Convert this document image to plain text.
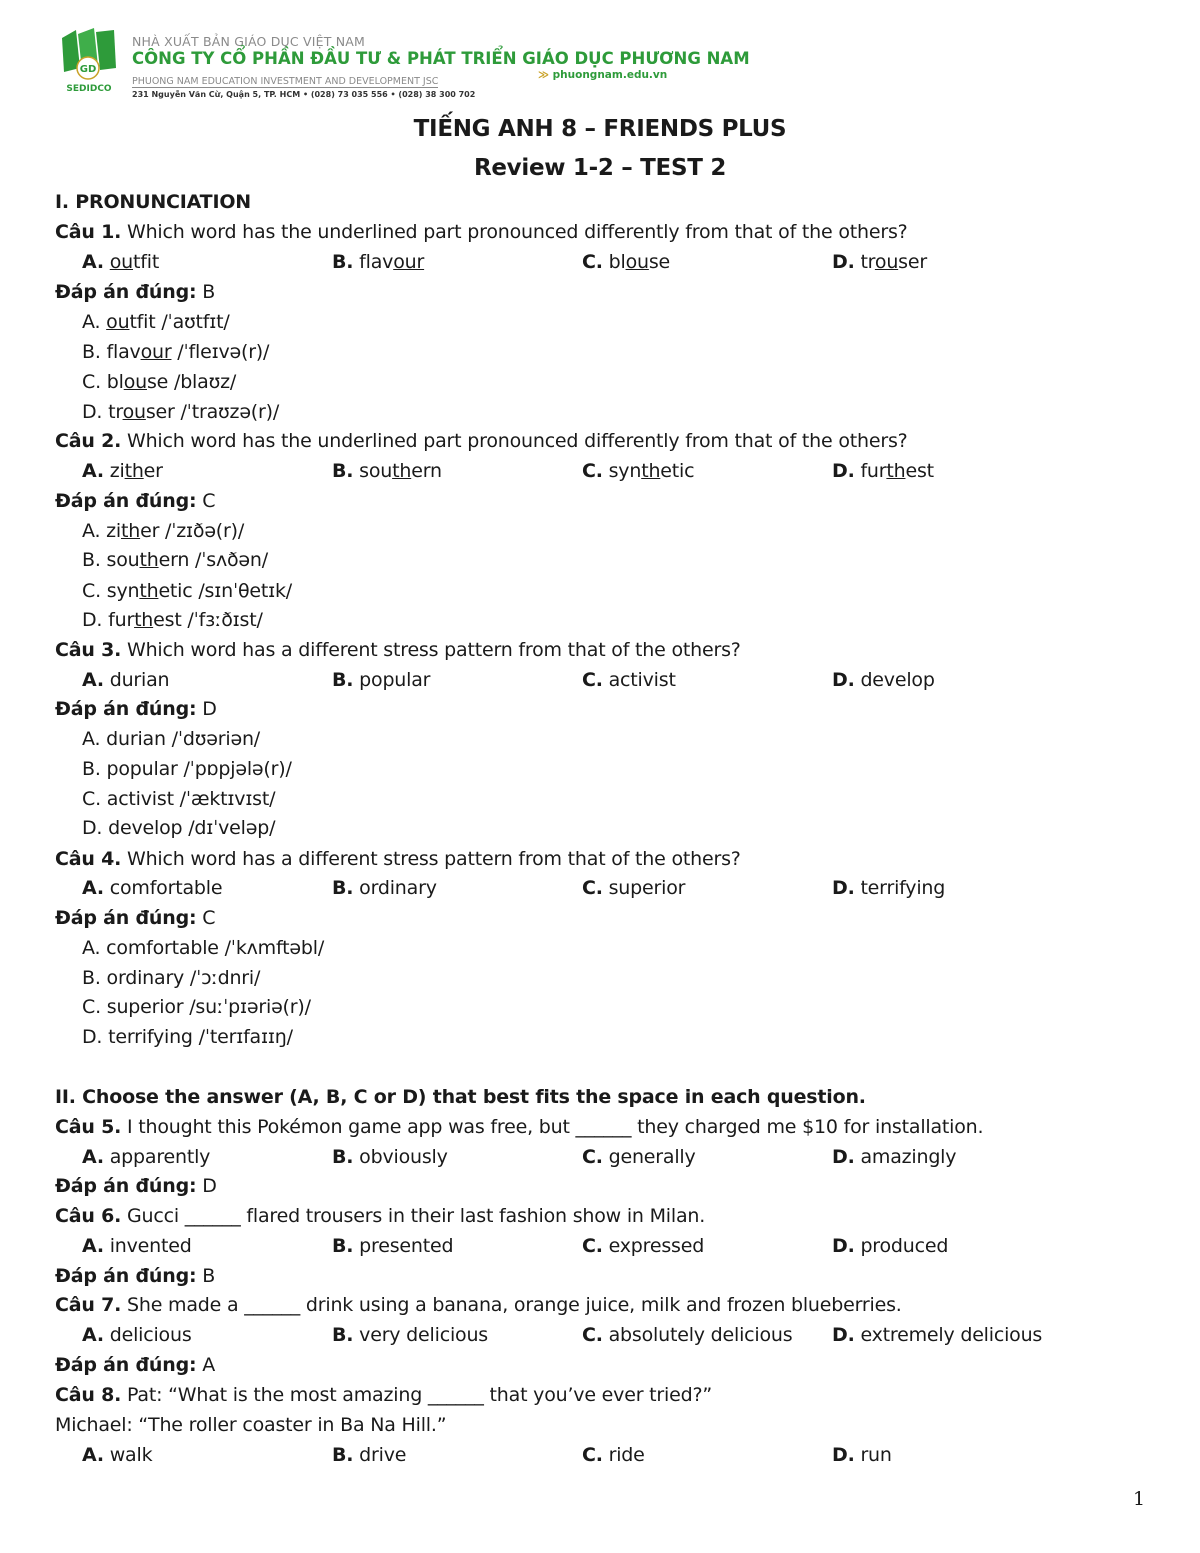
GD
SEDIDCO
NHÀ XUẤT BẢN GIÁO DỤC VIỆT NAM
CÔNG TY CỔ PHẦN ĐẦU TƯ & PHÁT TRIỂN GIÁO DỤC PHƯƠNG NAM
PHUONG NAM EDUCATION INVESTMENT AND DEVELOPMENT JSC
231 Nguyễn Văn Cừ, Quận 5, TP. HCM • (028) 73 035 556 • (028) 38 300 702
≫ phuongnam.edu.vn
TIẾNG ANH 8 – FRIENDS PLUS
Review 1-2 – TEST 2
I. PRONUNCIATION
Câu 1. Which word has the underlined part pronounced differently from that of the others?
A. outfit	B. flavour	C. blouse	D. trouser
Đáp án đúng: B
A. outfit /ˈaʊtfɪt/
B. flavour /ˈfleɪvə(r)/
C. blouse /blaʊz/
D. trouser /ˈtraʊzə(r)/
Câu 2. Which word has the underlined part pronounced differently from that of the others?
A. zither	B. southern	C. synthetic	D. furthest
Đáp án đúng: C
A. zither /ˈzɪðə(r)/
B. southern /ˈsʌðən/
C. synthetic /sɪnˈθetɪk/
D. furthest /ˈfɜːðɪst/
Câu 3. Which word has a different stress pattern from that of the others?
A. durian	B. popular	C. activist	D. develop
Đáp án đúng: D
A. durian /ˈdʊəriən/
B. popular /ˈpɒpjələ(r)/
C. activist /ˈæktɪvɪst/
D. develop /dɪˈveləp/
Câu 4. Which word has a different stress pattern from that of the others?
A. comfortable	B. ordinary	C. superior	D. terrifying
Đáp án đúng: C
A. comfortable /ˈkʌmftəbl/
B. ordinary /ˈɔːdnri/
C. superior /suːˈpɪəriə(r)/
D. terrifying /ˈterɪfaɪɪŋ/
II. Choose the answer (A, B, C or D) that best fits the space in each question.
Câu 5. I thought this Pokémon game app was free, but ______ they charged me $10 for installation.
A. apparently	B. obviously	C. generally	D. amazingly
Đáp án đúng: D
Câu 6. Gucci ______ flared trousers in their last fashion show in Milan.
A. invented	B. presented	C. expressed	D. produced
Đáp án đúng: B
Câu 7. She made a ______ drink using a banana, orange juice, milk and frozen blueberries.
A. delicious	B. very delicious	C. absolutely delicious D. extremely delicious
Đáp án đúng: A
Câu 8. Pat: “What is the most amazing ______ that you’ve ever tried?”
Michael: “The roller coaster in Ba Na Hill.”
A. walk	B. drive	C. ride	D. run
1
